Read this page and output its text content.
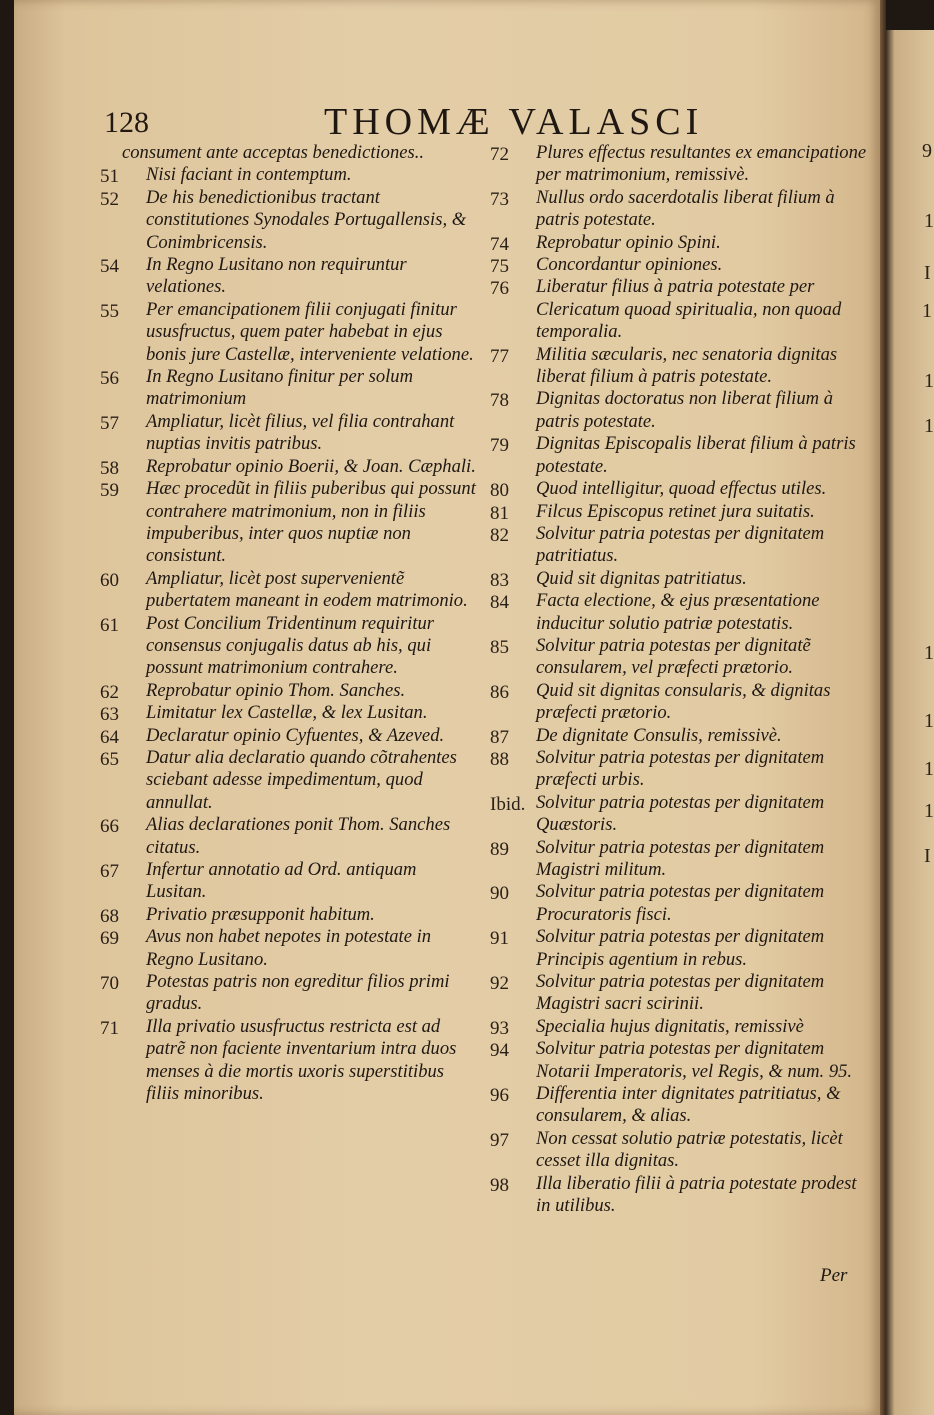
9
1
I
1
1
1
1
1
1
1
I
128	THOMÆ VALASCI
consument ante acceptas benedictiones..
51	Nisi faciant in contemptum.
52	De his benedictionibus tractant constitutiones Synodales Portugallensis, & Conimbricensis.
54	In Regno Lusitano non requiruntur velationes.
55	Per emancipationem filii conjugati finitur ususfructus, quem pater habebat in ejus bonis jure Castellæ, interveniente velatione.
56	In Regno Lusitano finitur per solum matrimonium
57	Ampliatur, licèt filius, vel filia contrahant nuptias invitis patribus.
58	Reprobatur opinio Boerii, & Joan. Cæphali.
59	Hæc procedũt in filiis puberibus qui possunt contrahere matrimonium, non in filiis impuberibus, inter quos nuptiæ non consistunt.
60	Ampliatur, licèt post supervenientẽ pubertatem maneant in eodem matrimonio.
61	Post Concilium Tridentinum requiritur consensus conjugalis datus ab his, qui possunt matrimonium contrahere.
62	Reprobatur opinio Thom. Sanches.
63	Limitatur lex Castellæ, & lex Lusitan.
64	Declaratur opinio Cyfuentes, & Azeved.
65	Datur alia declaratio quando cõtrahentes sciebant adesse impedimentum, quod annullat.
66	Alias declarationes ponit Thom. Sanches citatus.
67	Infertur annotatio ad Ord. antiquam Lusitan.
68	Privatio præsupponit habitum.
69	Avus non habet nepotes in potestate in Regno Lusitano.
70	Potestas patris non egreditur filios primi gradus.
71	Illa privatio ususfructus restricta est ad patrẽ non faciente inventarium intra duos menses à die mortis uxoris superstitibus filiis minoribus.
72	Plures effectus resultantes ex emancipatione per matrimonium, remissivè.
73	Nullus ordo sacerdotalis liberat filium à patris potestate.
74	Reprobatur opinio Spini.
75	Concordantur opiniones.
76	Liberatur filius à patria potestate per Clericatum quoad spiritualia, non quoad temporalia.
77	Militia sæcularis, nec senatoria dignitas liberat filium à patris potestate.
78	Dignitas doctoratus non liberat filium à patris potestate.
79	Dignitas Episcopalis liberat filium à patris potestate.
80	Quod intelligitur, quoad effectus utiles.
81	Filcus Episcopus retinet jura suitatis.
82	Solvitur patria potestas per dignitatem patritiatus.
83	Quid sit dignitas patritiatus.
84	Facta electione, & ejus præsentatione inducitur solutio patriæ potestatis.
85	Solvitur patria potestas per dignitatẽ consularem, vel præfecti prætorio.
86	Quid sit dignitas consularis, & dignitas præfecti prætorio.
87	De dignitate Consulis, remissivè.
88	Solvitur patria potestas per dignitatem præfecti urbis.
Ibid. Solvitur patria potestas per dignitatem Quæstoris.
89	Solvitur patria potestas per dignitatem Magistri militum.
90	Solvitur patria potestas per dignitatem Procuratoris fisci.
91	Solvitur patria potestas per dignitatem Principis agentium in rebus.
92	Solvitur patria potestas per dignitatem Magistri sacri scirinii.
93	Specialia hujus dignitatis, remissivè
94	Solvitur patria potestas per dignitatem Notarii Imperatoris, vel Regis, & num. 95.
96	Differentia inter dignitates patritiatus, & consularem, & alias.
97	Non cessat solutio patriæ potestatis, licèt cesset illa dignitas.
98	Illa liberatio filii à patria potestate prodest in utilibus.
Per
